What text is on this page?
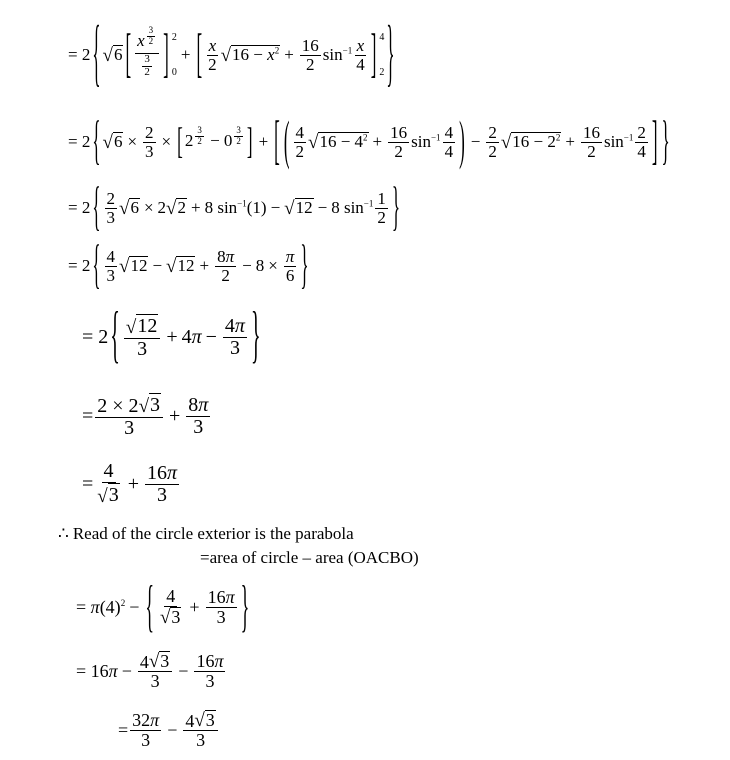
= 2 { √ 6 [ x $^{\frac{3}{2}}$
$\frac{3}{2}$ ] 2
0
+ [ $\frac{x}{2}$ √ $16 - x^2 + \frac{16}{2} \sin^{-1} \frac{x}{4}$ ] 4
2 }
= 2 { √ $6 \times \frac{2}{3}$ × [ 2 $^{\frac{3}{2}}$ − 0 $^{\frac{3}{2}}$ ] + [ ( $\frac{4}{2}$ √ $16 - 4^2 + \frac{16}{2} \sin^{-1} \frac{4}{4}$ ) − $\frac{2}{2}$ √ $16 - 2^2 + \frac{16}{2} \sin^{-1} \frac{2}{4}$ ] }
= 2 { $\frac{2}{3}$ √ 6 × 2 √ 2 + 8 $\sin^{-1}(1)$ − √ 12 − 8 $\sin^{-1} \frac{1}{2}$ }
= 2 { $\frac{4}{3}$ √ 12 − √ $12 + \frac{8\pi}{2} - 8 \times \frac{\pi}{6}$ }
= 2 { $\frac{√ 12}{3} + 4\pi - \frac{4\pi}{3}$ }
= $\frac{2 \times 2 √ 3}{3} + \frac{8\pi}{3}$
= $\frac{4}{√ 3} + \frac{16\pi}{3}$
∴ Read of the circle exterior is the parabola
=area of circle – area (OACBO)
= $\pi(4)^2$ − { $\frac{4}{√ 3} + \frac{16\pi}{3}$ }
= $16\pi - \frac{4 √ 3}{3} - \frac{16\pi}{3}$
= $\frac{32\pi}{3} - \frac{4 √ 3}{3}$
